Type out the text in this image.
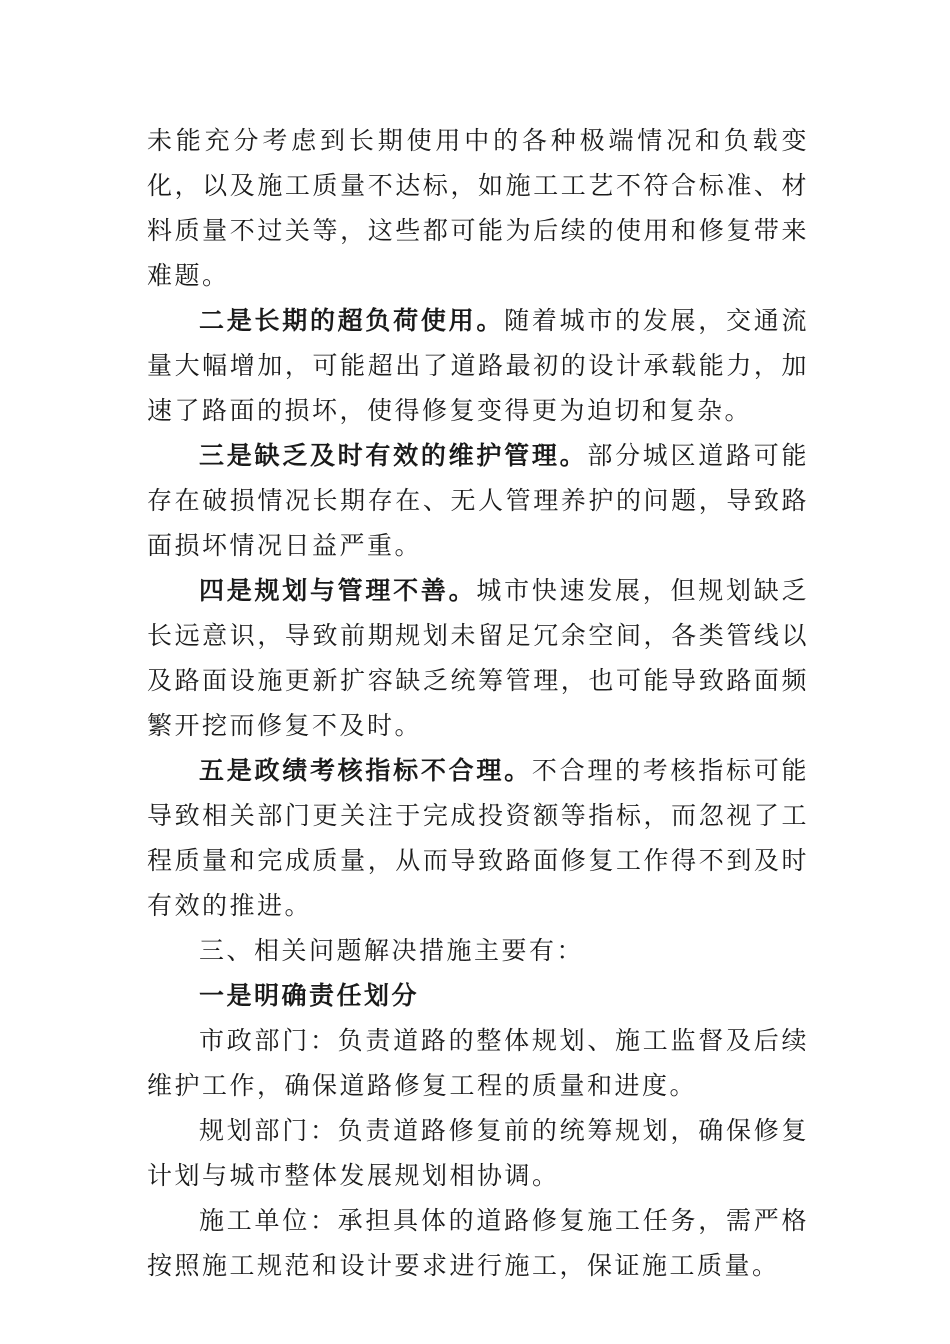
未能充分考虑到长期使用中的各种极端情况和负载变化，以及施工质量不达标，如施工工艺不符合标准、材料质量不过关等，这些都可能为后续的使用和修复带来难题。

二是长期的超负荷使用。随着城市的发展，交通流量大幅增加，可能超出了道路最初的设计承载能力，加速了路面的损坏，使得修复变得更为迫切和复杂。

三是缺乏及时有效的维护管理。部分城区道路可能存在破损情况长期存在、无人管理养护的问题，导致路面损坏情况日益严重。

四是规划与管理不善。城市快速发展，但规划缺乏长远意识，导致前期规划未留足冗余空间，各类管线以及路面设施更新扩容缺乏统筹管理，也可能导致路面频繁开挖而修复不及时。

五是政绩考核指标不合理。不合理的考核指标可能导致相关部门更关注于完成投资额等指标，而忽视了工程质量和完成质量，从而导致路面修复工作得不到及时有效的推进。

三、相关问题解决措施主要有：

一是明确责任划分

市政部门：负责道路的整体规划、施工监督及后续维护工作，确保道路修复工程的质量和进度。

规划部门：负责道路修复前的统筹规划，确保修复计划与城市整体发展规划相协调。

施工单位：承担具体的道路修复施工任务，需严格按照施工规范和设计要求进行施工，保证施工质量。
